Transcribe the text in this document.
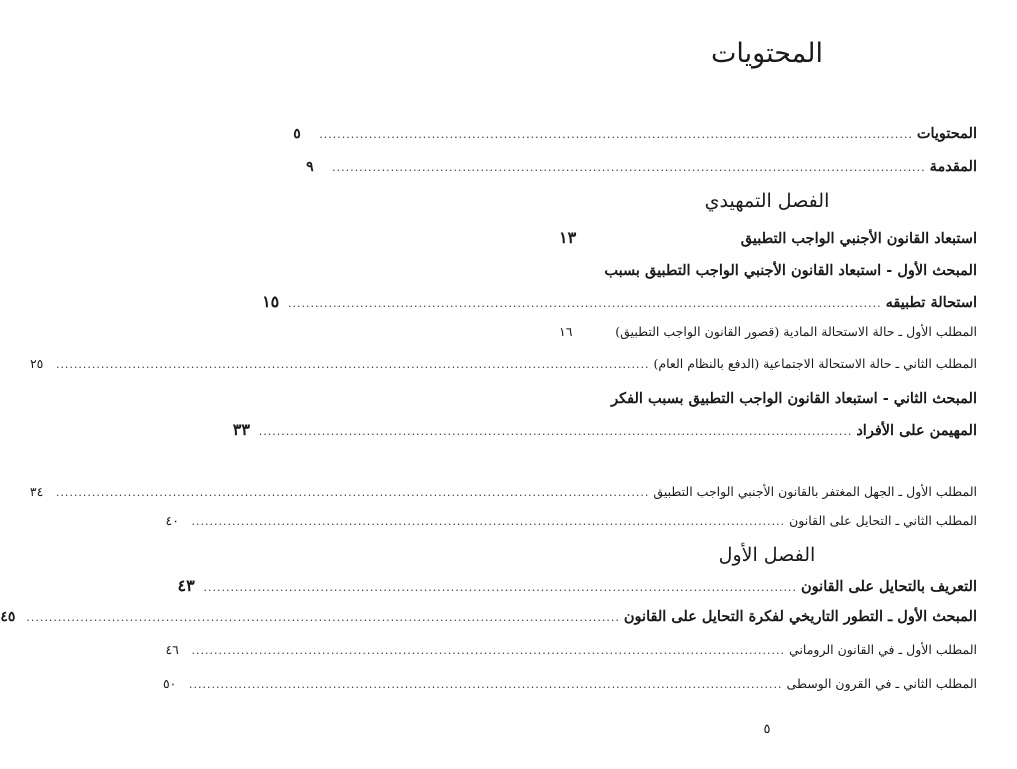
المحتويات
المحتويات
....................................................................................................................................
٥
المقدمة
....................................................................................................................................
٩
الفصل التمهيدي
استبعاد القانون الأجنبي الواجب التطبيق
١٣
المبحث الأول - استبعاد القانون الأجنبي الواجب التطبيق بسبب
استحالة تطبيقه
....................................................................................................................................
١٥
المطلب الأول ـ حالة الاستحالة المادية (قصور القانون الواجب التطبيق)
١٦
المطلب الثاني ـ حالة الاستحالة الاجتماعية (الدفع بالنظام العام)
....................................................................................................................................
٢٥
المبحث الثاني - استبعاد القانون الواجب التطبيق بسبب الفكر
المهيمن على الأفراد
....................................................................................................................................
٣٣
المطلب الأول ـ الجهل المغتفر بالقانون الأجنبي الواجب التطبيق
....................................................................................................................................
٣٤
المطلب الثاني ـ التحايل على القانون
....................................................................................................................................
٤٠
الفصل الأول
التعريف بالتحايل على القانون
....................................................................................................................................
٤٣
المبحث الأول ـ التطور التاريخي لفكرة التحايل على القانون
....................................................................................................................................
٤٥
المطلب الأول ـ في القانون الروماني
....................................................................................................................................
٤٦
المطلب الثاني ـ في القرون الوسطى
....................................................................................................................................
٥٠
٥
